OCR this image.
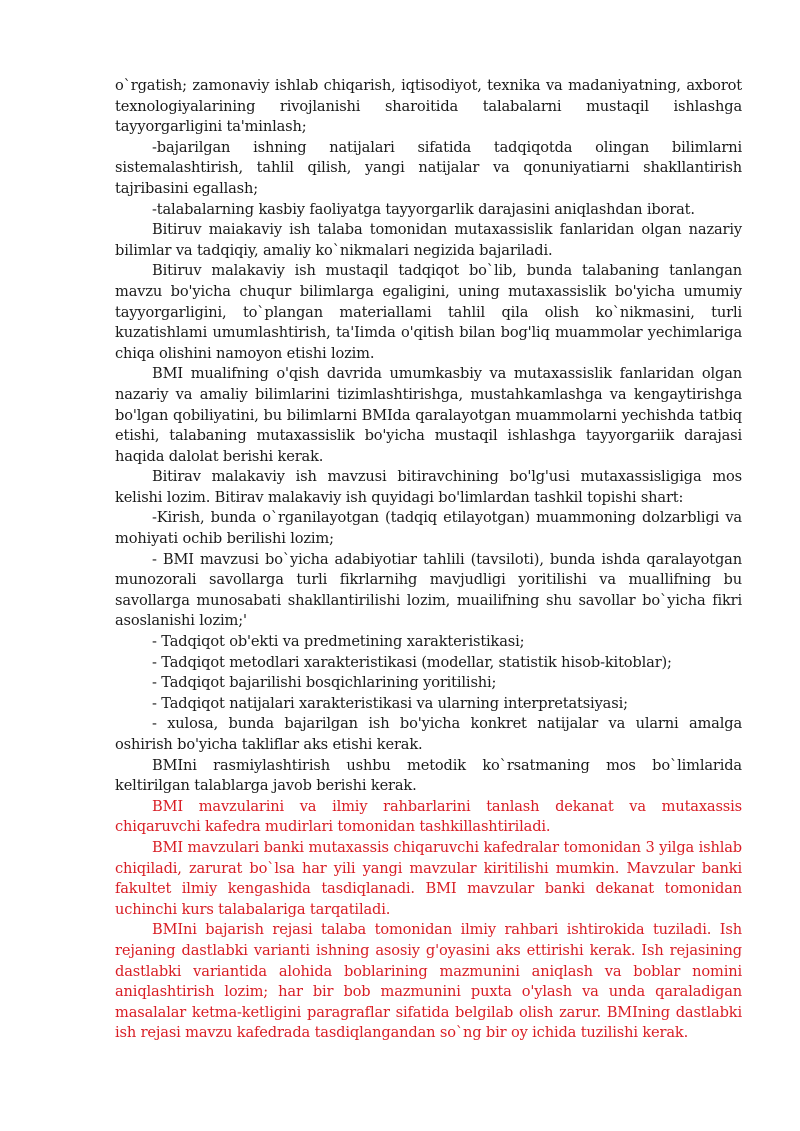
o`rgatish; zamonaviy ishlab chiqarish, iqtisodiyot, texnika va madaniyatning, axborot texnologiyalarining rivojlanishi sharoitida talabalarni mustaqil ishlashga tayyorgarligini ta'minlash;

-bajarilgan ishning natijalari sifatida tadqiqotda olingan bilimlarni sistemalashtirish, tahlil qilish, yangi natijalar va qonuniyatiarni shakllantirish tajribasini egallash;

-talabalarning kasbiy faoliyatga tayyorgarlik darajasini aniqlashdan iborat.

Bitiruv maiakaviy ish talaba tomonidan mutaxassislik fanlaridan olgan nazariy bilimlar va tadqiqiy, amaliy ko`nikmalari negizida bajariladi.

Bitiruv malakaviy ish mustaqil tadqiqot bo`lib, bunda talabaning tanlangan mavzu bo'yicha chuqur bilimlarga egaligini, uning mutaxassislik bo'yicha umumiy tayyorgarligini, to`plangan materiallami tahlil qila olish ko`nikmasini, turli kuzatishlami umumlashtirish, ta'Iimda o'qitish bilan bog'liq muammolar yechimlariga chiqa olishini namoyon etishi lozim.

BMI mualifning o'qish davrida umumkasbiy va mutaxassislik fanlaridan olgan nazariy va amaliy bilimlarini tizimlashtirishga, mustahkamlashga va kengaytirishga bo'lgan qobiliyatini, bu bilimlarni BMIda qaralayotgan muammolarni yechishda tatbiq etishi, talabaning mutaxassislik bo'yicha mustaqil ishlashga tayyorgariik darajasi haqida dalolat berishi kerak.

Bitirav malakaviy ish mavzusi bitiravchining bo'lg'usi mutaxassisligiga mos kelishi lozim. Bitirav malakaviy ish quyidagi bo'limlardan tashkil topishi shart:

-Kirish, bunda o`rganilayotgan (tadqiq etilayotgan) muammoning dolzarbligi va mohiyati ochib berilishi lozim;

- BMI mavzusi bo`yicha adabiyotiar tahlili (tavsiloti), bunda ishda qaralayotgan munozorali savollarga turli fikrlarnihg mavjudligi yoritilishi va muallifning bu savollarga munosabati shakllantirilishi lozim, muailifning shu savollar bo`yicha fikri asoslanishi lozim;'

- Tadqiqot ob'ekti va predmetining xarakteristikasi;

- Tadqiqot metodlari xarakteristikasi (modellar, statistik hisob-kitoblar);

- Tadqiqot bajarilishi bosqichlarining yoritilishi;

- Tadqiqot natijalari xarakteristikasi va ularning interpretatsiyasi;

- xulosa, bunda bajarilgan ish bo'yicha konkret natijalar va ularni amalga oshirish bo'yicha takliflar aks etishi kerak.

BMIni rasmiylashtirish ushbu metodik ko`rsatmaning mos bo`limlarida keltirilgan talablarga javob berishi kerak.

BMI mavzularini va ilmiy rahbarlarini tanlash dekanat va mutaxassis chiqaruvchi kafedra mudirlari tomonidan tashkillashtiriladi.

BMI mavzulari banki mutaxassis chiqaruvchi kafedralar tomonidan 3 yilga ishlab chiqiladi, zarurat bo`lsa har yili yangi mavzular kiritilishi mumkin. Mavzular banki fakultet ilmiy kengashida tasdiqlanadi. BMI mavzular banki dekanat tomonidan uchinchi kurs talabalariga tarqatiladi.

BMIni bajarish rejasi talaba tomonidan ilmiy rahbari ishtirokida tuziladi. Ish rejaning dastlabki varianti ishning asosiy g'oyasini aks ettirishi kerak. Ish rejasining dastlabki variantida alohida boblarining mazmunini aniqlash va boblar nomini aniqlashtirish lozim; har bir bob mazmunini puxta o'ylash va unda qaraladigan masalalar ketma-ketligini paragraflar sifatida belgilab olish zarur. BMIning dastlabki ish rejasi mavzu kafedrada tasdiqlangandan so`ng bir oy ichida tuzilishi kerak.
